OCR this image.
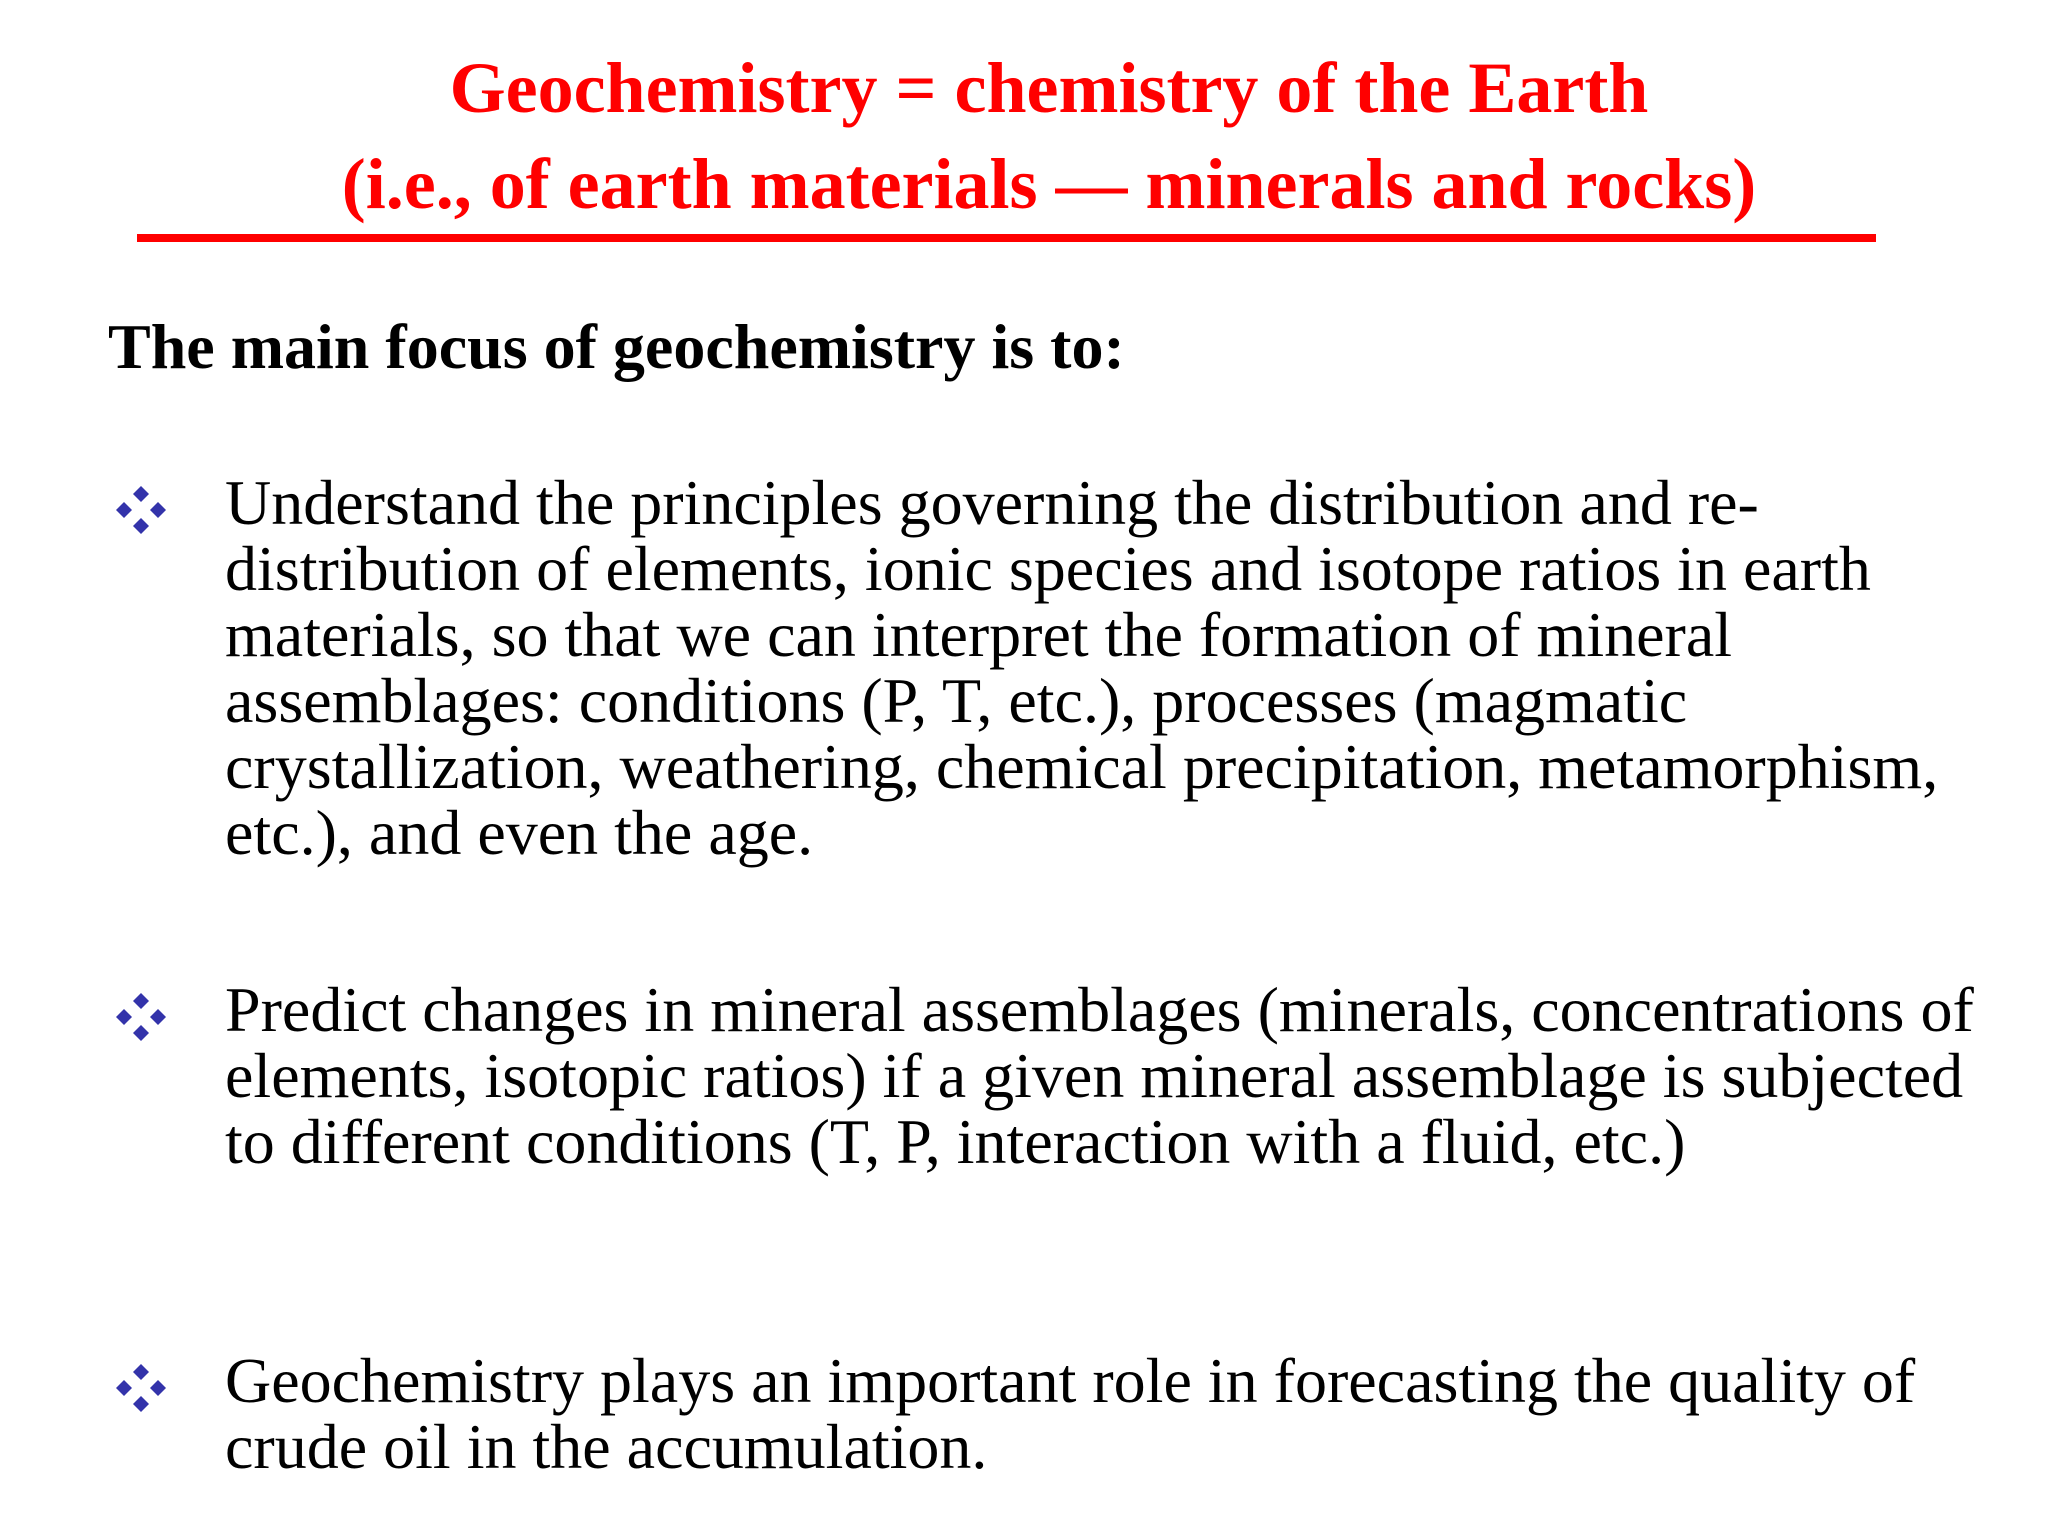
Geochemistry = chemistry of the Earth
(i.e., of earth materials — minerals and rocks)

The main focus of geochemistry is to:

Understand the principles governing the distribution and re-distribution of elements, ionic species and isotope ratios in earth materials, so that we can interpret the formation of mineral assemblages: conditions (P, T, etc.), processes (magmatic crystallization, weathering, chemical precipitation, metamorphism, etc.), and even the age.

Predict changes in mineral assemblages (minerals, concentrations of elements, isotopic ratios) if a given mineral assemblage is subjected to different conditions (T, P, interaction with a fluid, etc.)

Geochemistry plays an important role in forecasting the quality of crude oil in the accumulation.
